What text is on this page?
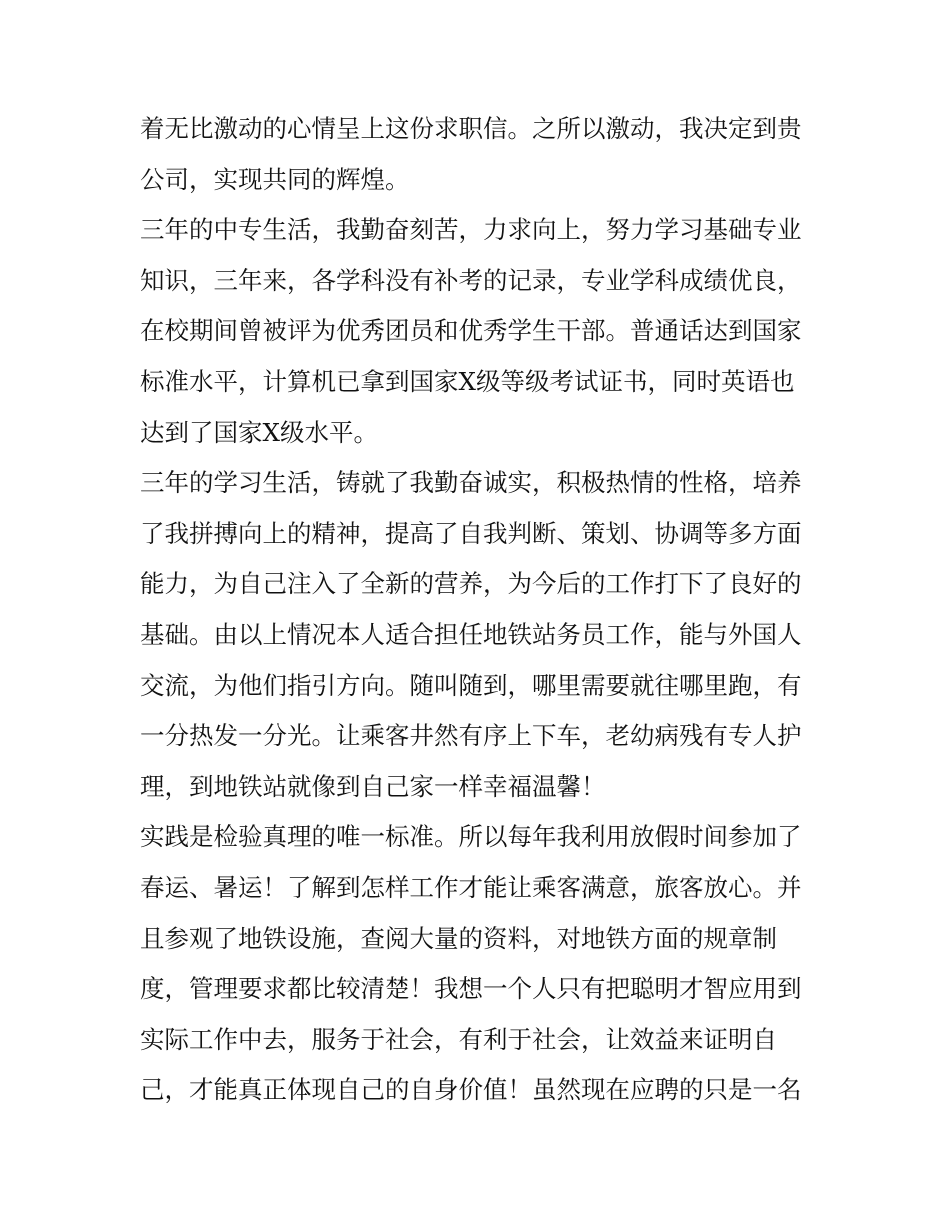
着无比激动的心情呈上这份求职信。之所以激动，我决定到贵
公司，实现共同的辉煌。
三年的中专生活，我勤奋刻苦，力求向上，努力学习基础专业
知识，三年来，各学科没有补考的记录，专业学科成绩优良，
在校期间曾被评为优秀团员和优秀学生干部。普通话达到国家
标准水平，计算机已拿到国家X级等级考试证书，同时英语也
达到了国家X级水平。
三年的学习生活，铸就了我勤奋诚实，积极热情的性格，培养
了我拼搏向上的精神，提高了自我判断、策划、协调等多方面
能力，为自己注入了全新的营养，为今后的工作打下了良好的
基础。由以上情况本人适合担任地铁站务员工作，能与外国人
交流，为他们指引方向。随叫随到，哪里需要就往哪里跑，有
一分热发一分光。让乘客井然有序上下车，老幼病残有专人护
理，到地铁站就像到自己家一样幸福温馨！
实践是检验真理的唯一标准。所以每年我利用放假时间参加了
春运、暑运！了解到怎样工作才能让乘客满意，旅客放心。并
且参观了地铁设施，查阅大量的资料，对地铁方面的规章制
度，管理要求都比较清楚！我想一个人只有把聪明才智应用到
实际工作中去，服务于社会，有利于社会，让效益来证明自
己，才能真正体现自己的自身价值！虽然现在应聘的只是一名
